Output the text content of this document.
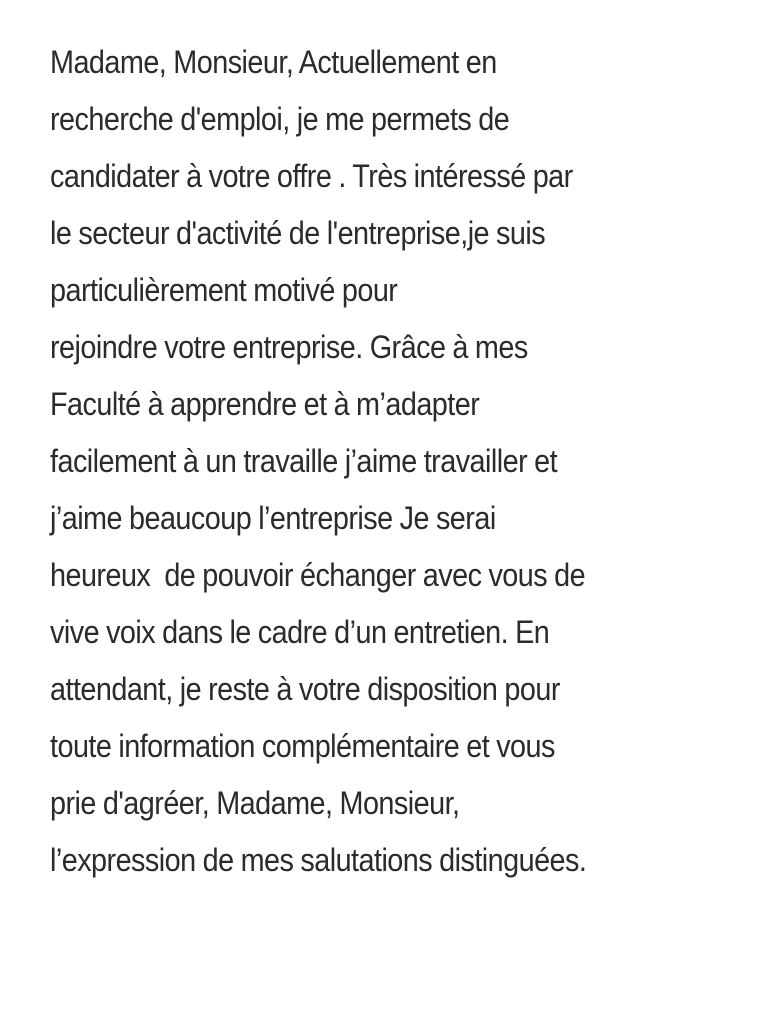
Madame, Monsieur, Actuellement en
recherche d'emploi, je me permets de
candidater à votre offre . Très intéressé par
le secteur d'activité de l'entreprise,je suis
particulièrement motivé pour
rejoindre votre entreprise. Grâce à mes
Faculté à apprendre et à m’adapter
facilement à un travaille j’aime travailler et
j’aime beaucoup l’entreprise Je serai
heureux  de pouvoir échanger avec vous de
vive voix dans le cadre d’un entretien. En
attendant, je reste à votre disposition pour
toute information complémentaire et vous
prie d'agréer, Madame, Monsieur,
l’expression de mes salutations distinguées.
